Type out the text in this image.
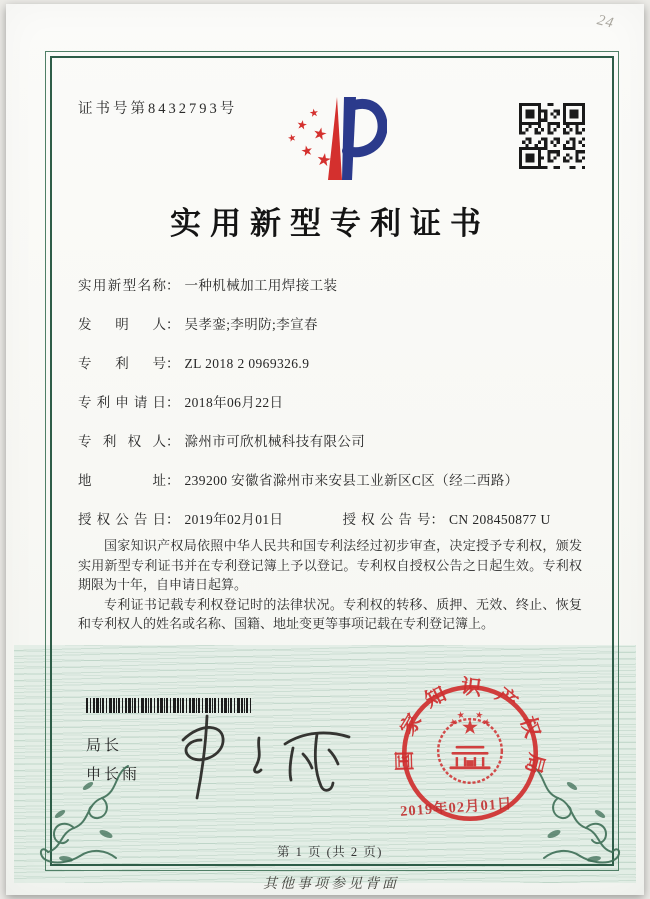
24
证书号第8432793号
实用新型专利证书
实用新型名称： 一种机械加工用焊接工装
发明人： 吴孝銮;李明防;李宣春
专利号： ZL 2018 2 0969326.9
专利申请日： 2018年06月22日
专利权人： 滁州市可欣机械科技有限公司
地址： 239200 安徽省滁州市来安县工业新区C区（经二西路）
授权公告日： 2019年02月01日	授权公告号： CN 208450877 U

国家知识产权局依照中华人民共和国专利法经过初步审查，决定授予专利权，颁发实用新型专利证书并在专利登记簿上予以登记。专利权自授权公告之日起生效。专利权期限为十年，自申请日起算。

专利证书记载专利权登记时的法律状况。专利权的转移、质押、无效、终止、恢复和专利权人的姓名或名称、国籍、地址变更等事项记载在专利登记簿上。

局长
申长雨
国家知识产权局
2019年02月01日
第 1 页 (共 2 页)
其他事项参见背面
